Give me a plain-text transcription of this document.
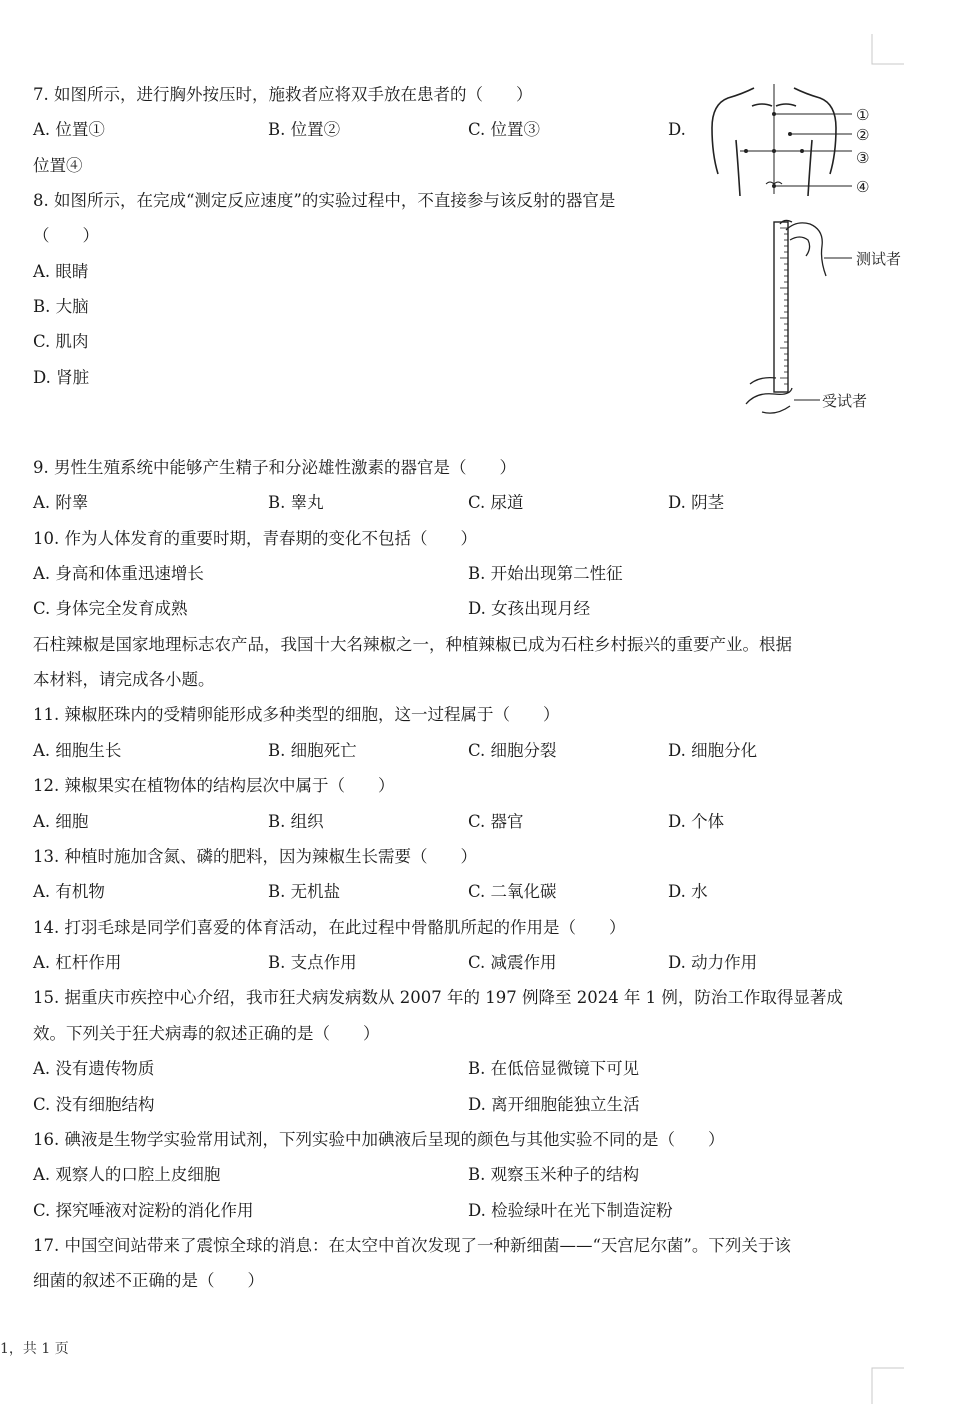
7. 如图所示，进行胸外按压时，施救者应将双手放在患者的（　　）
A. 位置①	B. 位置②	C. 位置③	D.
位置④
①
②
③
④
8. 如图所示，在完成“测定反应速度”的实验过程中，不直接参与该反射的器官是
（　　）
A. 眼睛
B. 大脑
C. 肌肉
D. 肾脏
测试者
受试者
9. 男性生殖系统中能够产生精子和分泌雄性激素的器官是（　　）
A. 附睾	B. 睾丸	C. 尿道	D. 阴茎
10. 作为人体发育的重要时期，青春期的变化不包括（　　）
A. 身高和体重迅速增长	B. 开始出现第二性征
C. 身体完全发育成熟	D. 女孩出现月经
石柱辣椒是国家地理标志农产品，我国十大名辣椒之一，种植辣椒已成为石柱乡村振兴的重要产业。根据
本材料，请完成各小题。
11. 辣椒胚珠内的受精卵能形成多种类型的细胞，这一过程属于（　　）
A. 细胞生长	B. 细胞死亡	C. 细胞分裂	D. 细胞分化
12. 辣椒果实在植物体的结构层次中属于（　　）
A. 细胞	B. 组织	C. 器官	D. 个体
13. 种植时施加含氮、磷的肥料，因为辣椒生长需要（　　）
A. 有机物	B. 无机盐	C. 二氧化碳	D. 水
14. 打羽毛球是同学们喜爱的体育活动，在此过程中骨骼肌所起的作用是（　　）
A. 杠杆作用	B. 支点作用	C. 减震作用	D. 动力作用
15. 据重庆市疾控中心介绍，我市狂犬病发病数从 2007 年的 197 例降至 2024 年 1 例，防治工作取得显著成
效。下列关于狂犬病毒的叙述正确的是（　　）
A. 没有遗传物质	B. 在低倍显微镜下可见
C. 没有细胞结构	D. 离开细胞能独立生活
16. 碘液是生物学实验常用试剂，下列实验中加碘液后呈现的颜色与其他实验不同的是（　　）
A. 观察人的口腔上皮细胞	B. 观察玉米种子的结构
C. 探究唾液对淀粉的消化作用	D. 检验绿叶在光下制造淀粉
17. 中国空间站带来了震惊全球的消息：在太空中首次发现了一种新细菌——“天宫尼尔菌”。下列关于该
细菌的叙述不正确的是（　　）
1，共 1 页
